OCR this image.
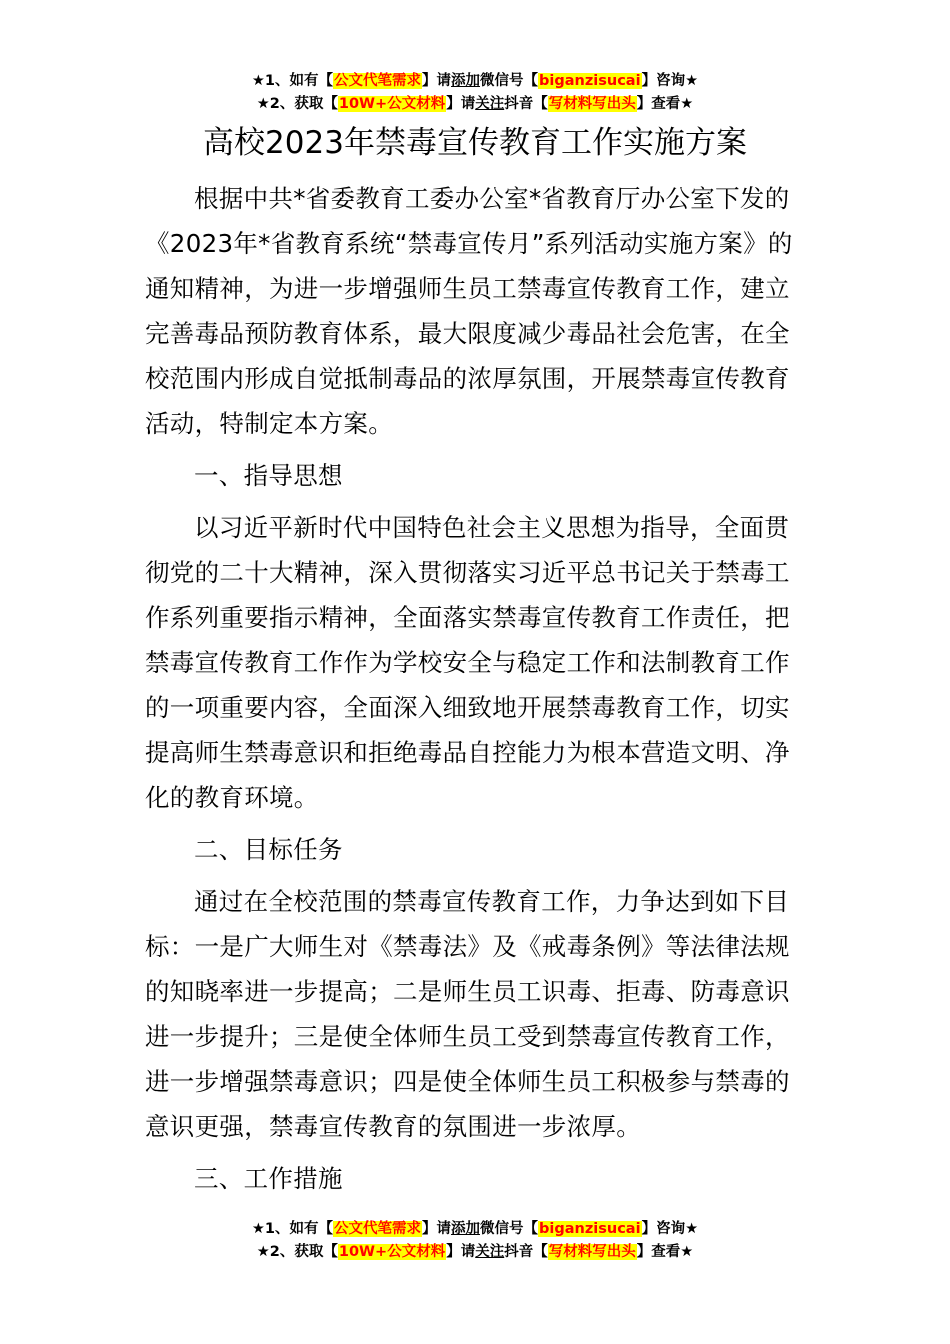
★1、如有【公文代笔需求】请添加微信号【biganzisucai】咨询★
★2、获取【10W+公文材料】请关注抖音【写材料写出头】查看★
高校2023年禁毒宣传教育工作实施方案

根据中共*省委教育工委办公室*省教育厅办公室下发的《2023年*省教育系统“禁毒宣传月”系列活动实施方案》的通知精神，为进一步增强师生员工禁毒宣传教育工作，建立完善毒品预防教育体系，最大限度减少毒品社会危害，在全校范围内形成自觉抵制毒品的浓厚氛围，开展禁毒宣传教育活动，特制定本方案。

一、指导思想

以习近平新时代中国特色社会主义思想为指导，全面贯彻党的二十大精神，深入贯彻落实习近平总书记关于禁毒工作系列重要指示精神，全面落实禁毒宣传教育工作责任，把禁毒宣传教育工作作为学校安全与稳定工作和法制教育工作的一项重要内容，全面深入细致地开展禁毒教育工作，切实提高师生禁毒意识和拒绝毒品自控能力为根本营造文明、净化的教育环境。

二、目标任务

通过在全校范围的禁毒宣传教育工作，力争达到如下目标：一是广大师生对《禁毒法》及《戒毒条例》等法律法规的知晓率进一步提高；二是师生员工识毒、拒毒、防毒意识进一步提升；三是使全体师生员工受到禁毒宣传教育工作，进一步增强禁毒意识；四是使全体师生员工积极参与禁毒的意识更强，禁毒宣传教育的氛围进一步浓厚。

三、工作措施

★1、如有【公文代笔需求】请添加微信号【biganzisucai】咨询★
★2、获取【10W+公文材料】请关注抖音【写材料写出头】查看★
